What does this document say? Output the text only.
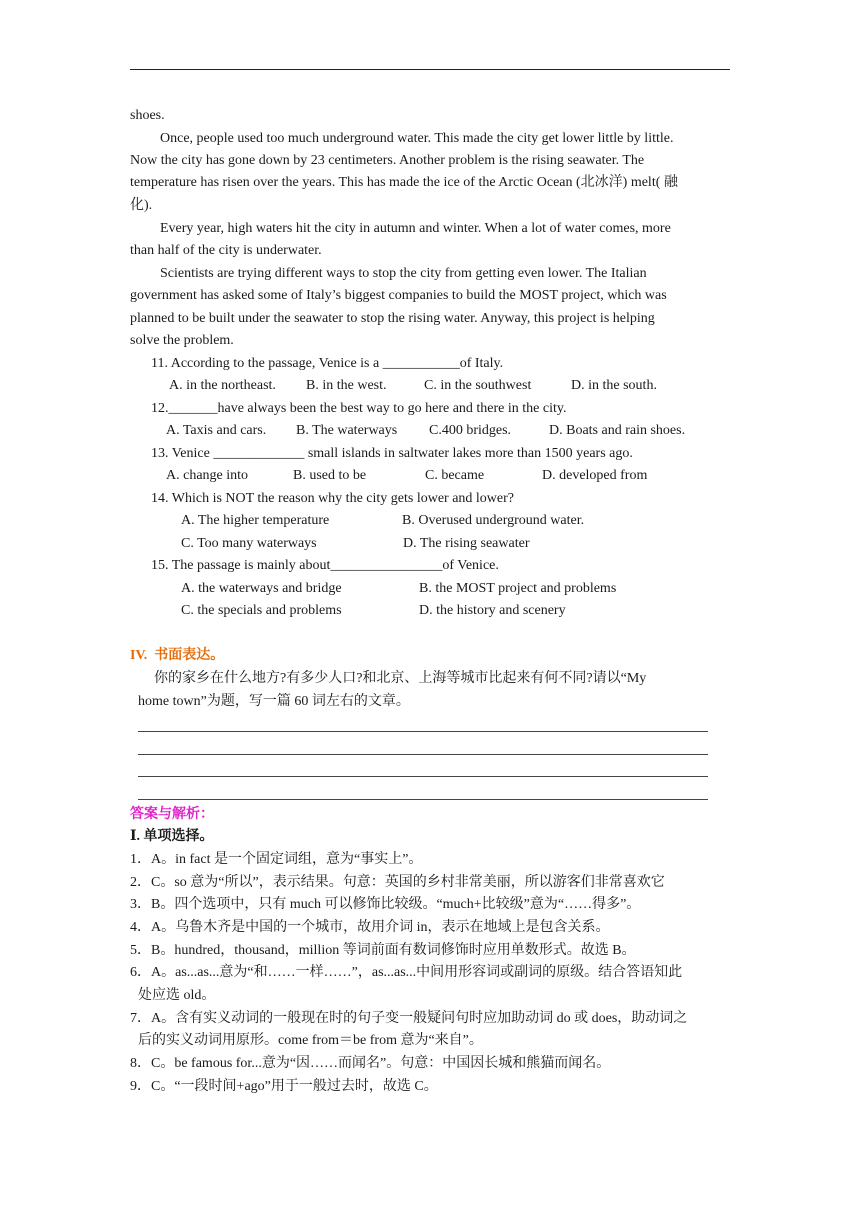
shoes.
Once, people used too much underground water. This made the city get lower little by little.
Now the city has gone down by 23 centimeters. Another problem is the rising seawater. The
temperature has risen over the years. This has made the ice of the Arctic Ocean (北冰洋) melt( 融
化).
Every year, high waters hit the city in autumn and winter. When a lot of water comes, more
than half of the city is underwater.
Scientists are trying different ways to stop the city from getting even lower. The Italian
government has asked some of Italy’s biggest companies to build the MOST project, which was
planned to be built under the seawater to stop the rising water. Anyway, this project is helping
solve the problem.
11. According to the passage, Venice is a ___________of Italy.

A. in the northeast.

B. in the west.

	C. in the southwest

	D. in the south.

12._______have always been the best way to go here and there in the city.

A. Taxis and cars.

B. The waterways

C.400 bridges.

	D. Boats and rain shoes.

13. Venice _____________ small islands in saltwater lakes more than 1500 years ago.

A. change into

	B. used to be

	C. became

	D. developed from

14. Which is NOT the reason why the city gets lower and lower?

A. The higher temperature

	B. Overused underground water.

C. Too many waterways

	D. The rising seawater

15. The passage is mainly about________________of Venice.

A. the waterways and bridge

	B. the MOST project and problems

C. the specials and problems

	D. the history and scenery

IV.  书面表达。
你的家乡在什么地方?有多少人口?和北京、上海等城市比起来有何不同?请以“My
home town”为题，写一篇 60 词左右的文章。
答案与解析：
Ⅰ. 单项选择。
1．A。in fact 是一个固定词组，意为“事实上”。
2．C。so 意为“所以”，表示结果。句意：英国的乡村非常美丽，所以游客们非常喜欢它
3．B。四个选项中，只有 much 可以修饰比较级。“much+比较级”意为“……得多”。
4．A。乌鲁木齐是中国的一个城市，故用介词 in，表示在地域上是包含关系。
5．B。hundred，thousand，million 等词前面有数词修饰时应用单数形式。故选 B。
6．A。as...as...意为“和……一样……”，as...as...中间用形容词或副词的原级。结合答语知此
处应选 old。
7．A。含有实义动词的一般现在时的句子变一般疑问句时应加助动词 do 或 does，助动词之
后的实义动词用原形。come from＝be from 意为“来自”。
8．C。be famous for...意为“因……而闻名”。句意：中国因长城和熊猫而闻名。
9．C。“一段时间+ago”用于一般过去时，故选 C。
